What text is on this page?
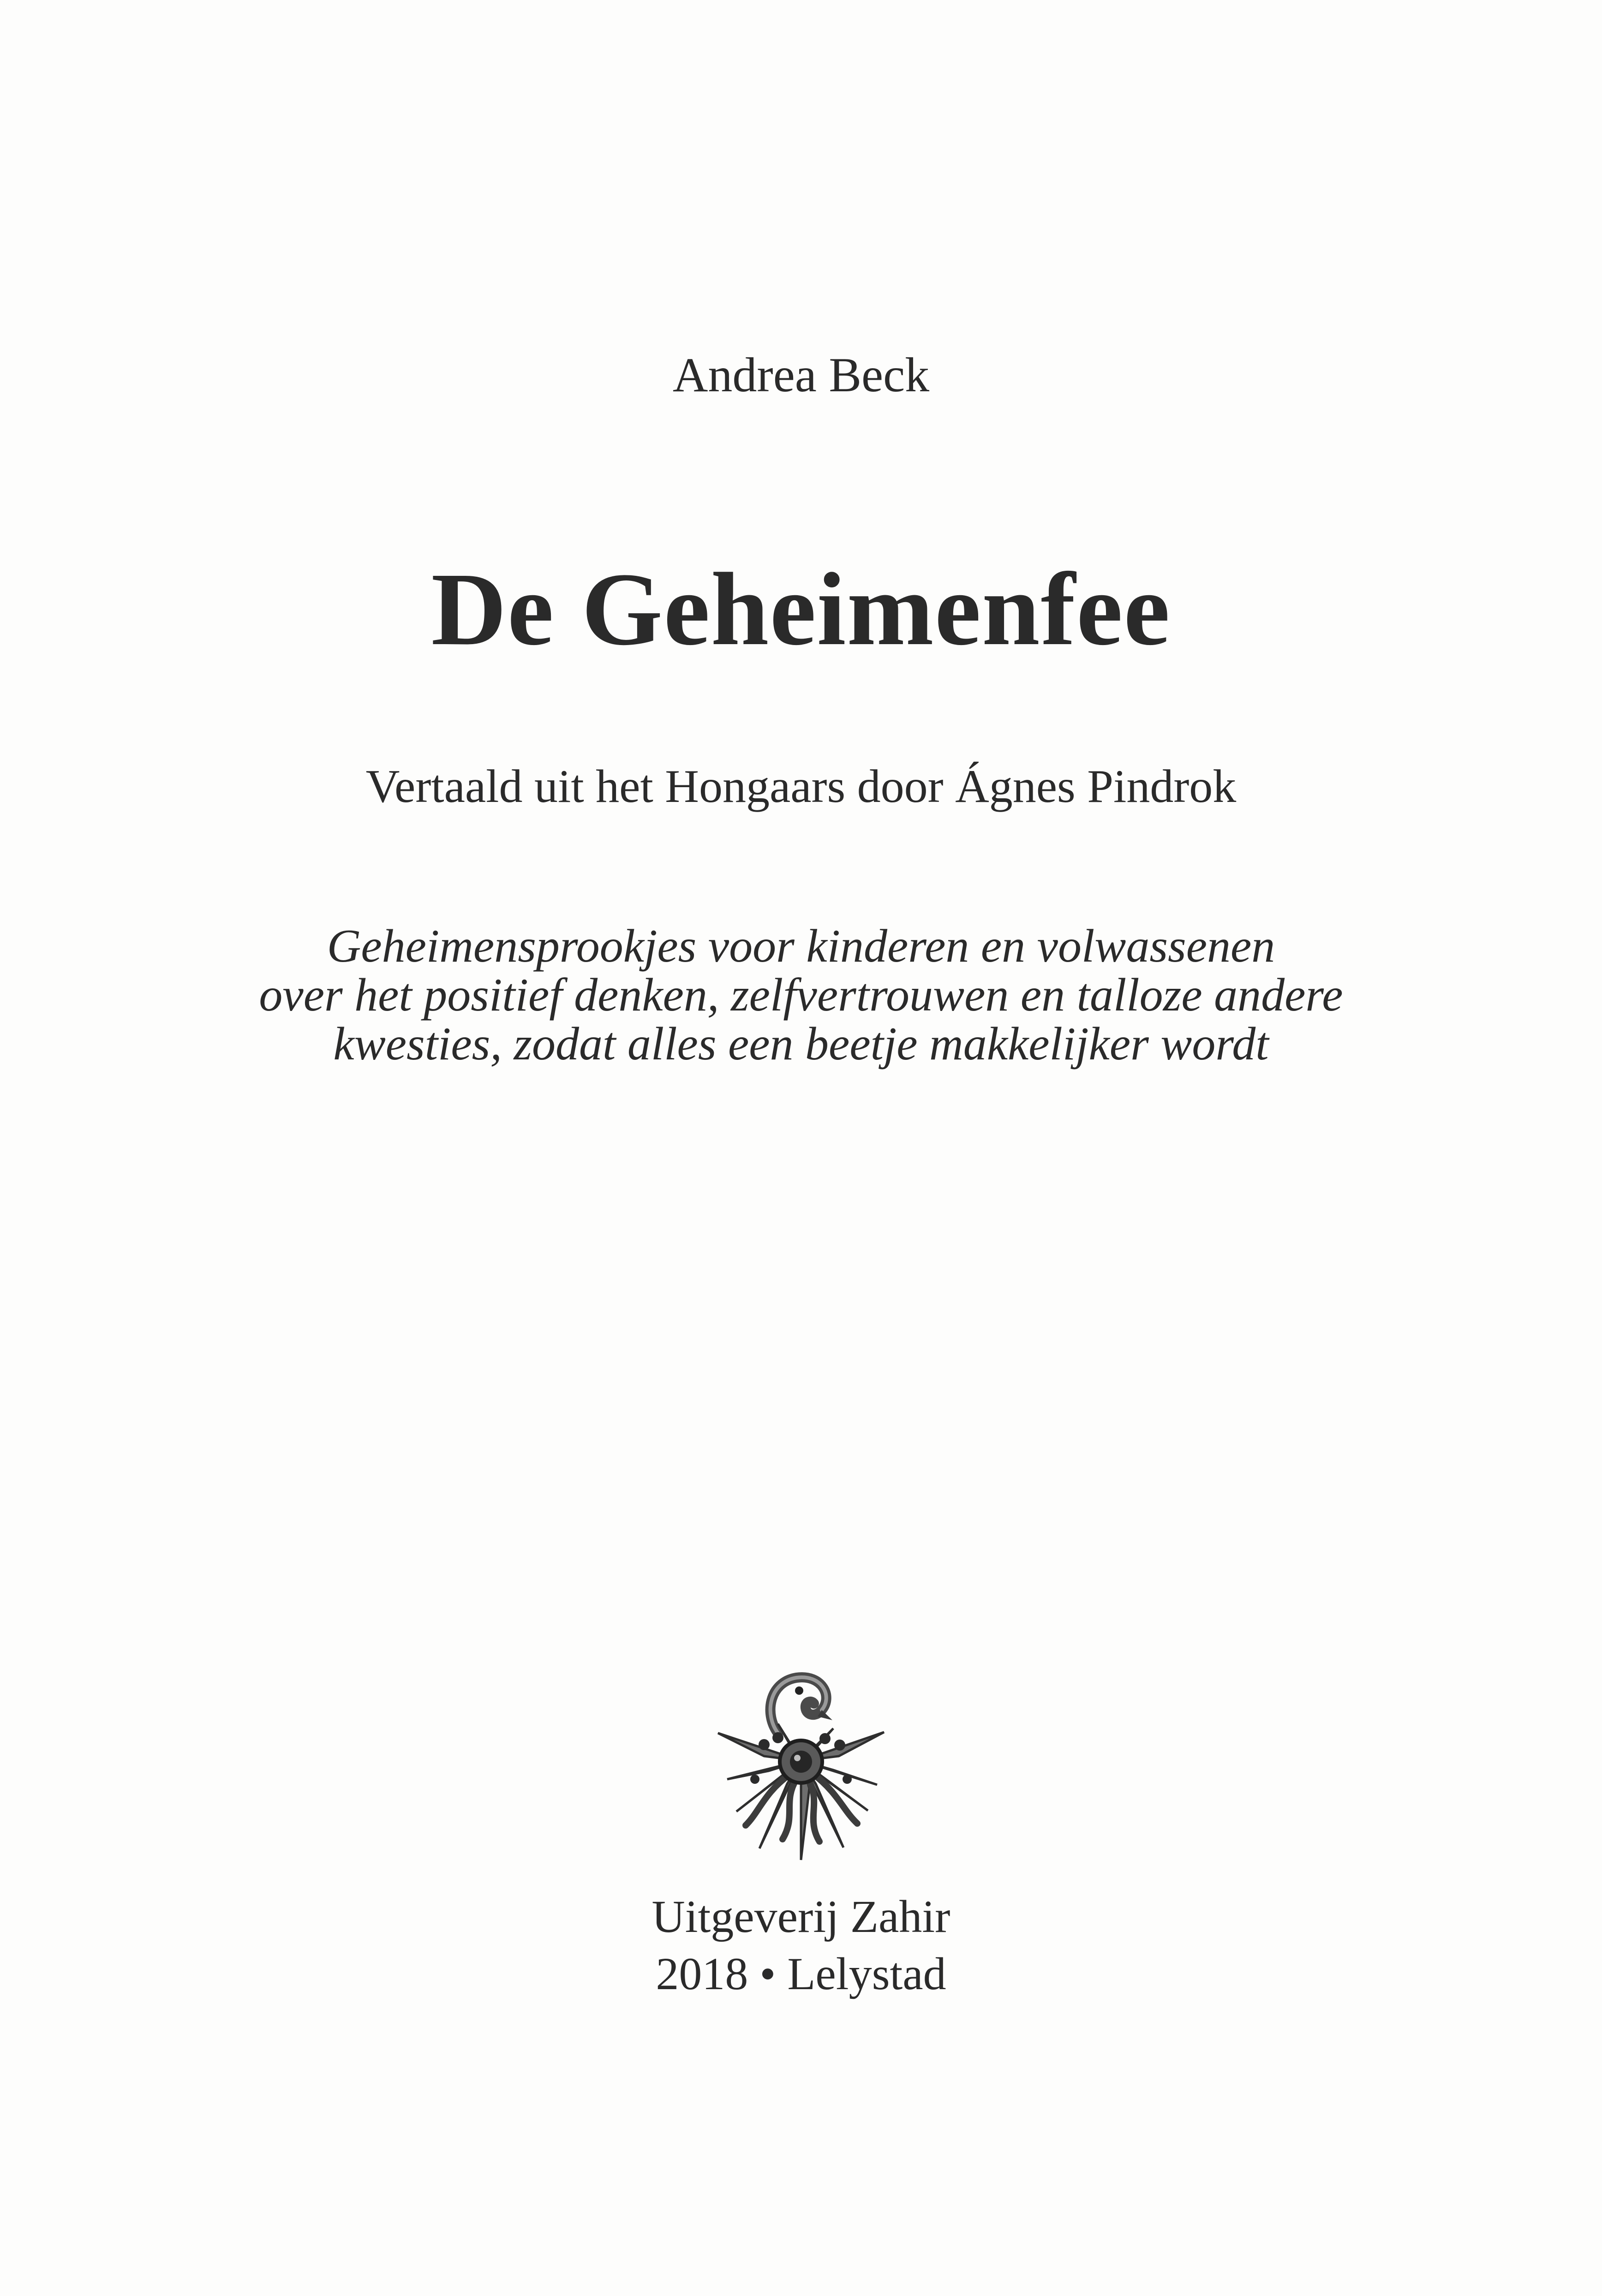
Andrea Beck
De Geheimenfee
Vertaald uit het Hongaars door Ágnes Pindrok
Geheimensprookjes voor kinderen en volwassenen
over het positief denken, zelfvertrouwen en talloze andere
kwesties, zodat alles een beetje makkelijker wordt
Uitgeverij Zahir
2018 • Lelystad
